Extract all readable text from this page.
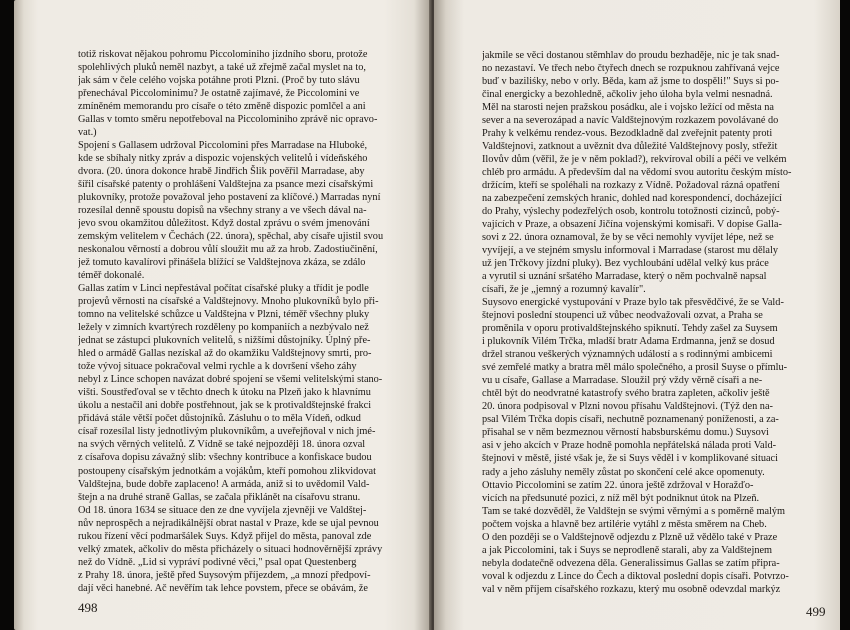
totiž riskovat nějakou pohromu Piccolominiho jízdního sboru, protože
spolehlivých pluků neměl nazbyt, a také už zřejmě začal myslet na to,
jak sám v čele celého vojska potáhne proti Plzni. (Proč by tuto slávu
přenechával Piccolominimu? Je ostatně zajímavé, že Piccolomini ve
zmíněném memorandu pro císaře o této změně dispozic pomlčel a ani
Gallas v tomto směru nepotřeboval na Piccolominiho zprávě nic opravo-
vat.)
Spojení s Gallasem udržoval Piccolomini přes Marradase na Hluboké,
kde se sbíhaly nitky zpráv a dispozic vojenských velitelů i vídeňského
dvora. (20. února dokonce hrabě Jindřich Šlik pověřil Marradase, aby
šířil císařské patenty o prohlášení Valdštejna za psance mezi císařskými
plukovníky, protože považoval jeho postavení za klíčové.) Marradas nyní
rozesílal denně spoustu dopisů na všechny strany a ve všech dával na-
jevo svou okamžitou důležitost. Když dostal zprávu o svém jmenování
zemským velitelem v Čechách (22. února), spěchal, aby císaře ujistil svou
neskonalou věrností a dobrou vůlí sloužit mu až za hrob. Zadostiučinění,
jež tomuto kavalírovi přinášela blížící se Valdštejnova zkáza, se zdálo
téměř dokonalé.
Gallas zatím v Linci nepřestával počítat císařské pluky a třídit je podle
projevů věrnosti na císařské a Valdštejnovy. Mnoho plukovníků bylo při-
tomno na velitelské schůzce u Valdštejna v Plzni, téměř všechny pluky
ležely v zimních kvartýrech rozděleny po kompaniích a nezbývalo než
jednat se zástupci plukovních velitelů, s nižšími důstojníky. Úplný pře-
hled o armádě Gallas nezískal až do okamžiku Valdštejnovy smrti, pro-
tože vývoj situace pokračoval velmi rychle a k dovršení všeho záhy
nebyl z Lince schopen navázat dobré spojení se všemi velitelskými stano-
višti. Soustřeďoval se v těchto dnech k útoku na Plzeň jako k hlavnímu
úkolu a nestačil ani dobře postřehnout, jak se k protivaldštejnské frakci
přidává stále větší počet důstojníků. Zásluhu o to měla Vídeň, odkud
císař rozesílal listy jednotlivým plukovníkům, a uveřejňoval v nich jmé-
na svých věrných velitelů. Z Vídně se také nejpozději 18. února ozval
z císařova dopisu závažný slib: všechny kontribuce a konfiskace budou
postoupeny císařským jednotkám a vojákům, kteří pomohou zlikvidovat
Valdštejna, bude dobře zaplaceno! A armáda, aniž si to uvědomil Vald-
štejn a na druhé straně Gallas, se začala přiklánět na císařovu stranu.
Od 18. února 1634 se situace den ze dne vyvíjela zjevněji ve Valdštej-
nův neprospěch a nejradikálnější obrat nastal v Praze, kde se ujal pevnou
rukou řízení věcí podmaršálek Suys. Když přijel do města, panoval zde
velký zmatek, ačkoliv do města přicházely o situaci hodnověrnější zprávy
než do Vídně. „Lid si vypráví podivné věci," psal opat Questenberg
z Prahy 18. února, ještě před Suysovým příjezdem, „a mnozí předpoví-
dají věci hanebné. Ač nevěřím tak lehce povstem, přece se obávám, že
498
jakmile se věci dostanou stěmhlav do proudu bezhadějе, nic je tak snad-
no nezastaví. Ve třech nebo čtyřech dnech se rozpuknou zahřívaná vejce
buď v baziliśky, nebo v orly. Běda, kam až jsme to dospěli!" Suys si po-
činal energicky a bezohledně, ačkoliv jeho úloha byla velmi nesnadná.
Měl na starosti nejen pražskou posádku, ale i vojsko ležící od města na
sever a na severozápad a navíc Valdštejnovým rozkazem povolávané do
Prahy k velkému rendez-vous. Bezodkladně dal zveřejnit patenty proti
Valdštejnovi, zatknout a uvěznit dva důležité Valdštejnovy posly, střežit
Ilovův dům (věřil, že je v něm poklad?), rekvíroval obilí a péči ve velkém
chléb pro armádu. A především dal na vědomí svou autoritu českým místo-
držícím, kteří se spoléhali na rozkazy z Vídně. Požadoval rázná opatření
na zabezpečení zemských hranic, dohled nad korespondencí, docházející
do Prahy, výslechy podezřelých osob, kontrolu totožnosti cizinců, pobý-
vajících v Praze, a obsazení Jičína vojenskými komisaři. V dopise Galla-
sovi z 22. února oznamoval, že by se věci nemohly vyvíjet lépe, než se
vyvíjejí, a ve stejném smyslu informoval i Marradase (starost mu dělaly
už jen Trčkovy jízdní pluky). Bez vychloubání udělal velký kus práce
a vyrutil si uznání sršatého Marradase, který o něm pochvalně napsal
císaři, že je „jemný a rozumný kavalír".
Suysovo energické vystupování v Praze bylo tak přesvědčivé, že se Vald-
štejnovi poslední stoupenci už vůbec neodvažovali ozvat, a Praha se
proměnila v oporu protivaldštejnského spiknutí. Tehdy zašel za Suysem
i plukovník Vilém Trčka, mladší bratr Adama Erdmanna, jenž se dosud
držel stranou veškerých významných událostí a s rodinnými ambicemi
své zemřelé matky a bratra měl málo společného, a prosil Suyse o přímlu-
vu u císaře, Gallase a Marradase. Sloužil prý vždy věrně císaři a ne-
chtěl být do neodvratné katastrofy svého bratra zapleten, ačkoliv ještě
20. února podpisoval v Plzni novou přísahu Valdštejnovi. (Týž den na-
psal Vilém Trčka dopis císaři, nechutně poznamenaný poníženosti, a za-
přisahal se v něm bezmeznou věrností habsburskému domu.) Suysovi
asi v jeho akcích v Praze hodně pomohla nepřátelská nálada proti Vald-
štejnovi v městě, jisté však je, že si Suys věděl i v komplikované situaci
rady a jeho zásluhy neměly zůstat po skončení celé akce opomenuty.
Ottavio Piccolomini se zatím 22. února ještě zdržoval v Horažďo-
vicích na předsunuté pozici, z níž měl být podniknut útok na Plzeň.
Tam se také dozvěděl, že Valdštejn se svými věrnými a s poměrně malým
počtem vojska a hlavně bez artilérie vytáhl z města směrem na Cheb.
O den později se o Valdštejnově odjezdu z Plzně už vědělo také v Praze
a jak Piccolomini, tak i Suys se neprodleně starali, aby za Valdštejnem
nebyla dodatečně odvezena děla. Generalissimus Gallas se zatím připra-
voval k odjezdu z Lince do Čech a diktoval poslední dopis císaři. Potvrzo-
val v něm příjem císařského rozkazu, který mu osobně odevzdal markýz
499
